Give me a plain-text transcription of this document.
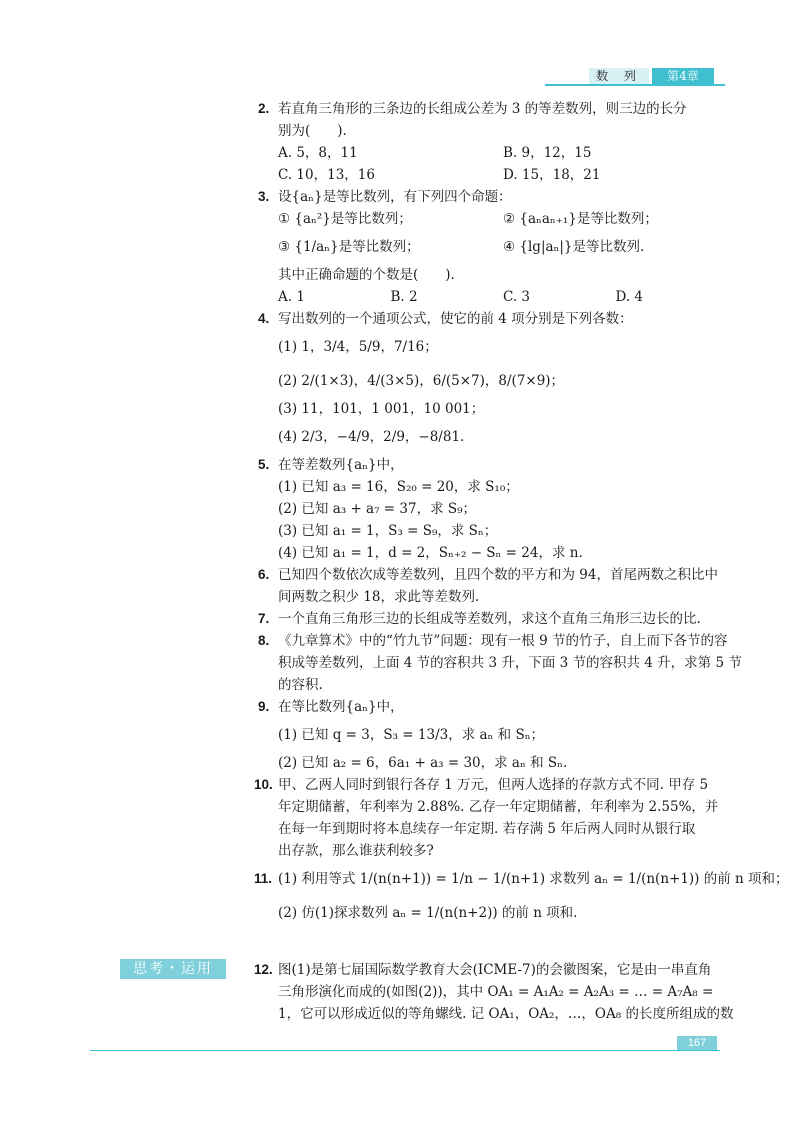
数 列	第4章
2. 若直角三角形的三条边的长组成公差为 3 的等差数列，则三边的长分
别为(　　).
A. 5，8，11	B. 9，12，15
C. 10，13，16	D. 15，18，21
3. 设{aₙ}是等比数列，有下列四个命题：
① {aₙ²}是等比数列；	② {aₙaₙ₊₁}是等比数列；
③ {1/aₙ}是等比数列；	④ {lg|aₙ|}是等比数列.
其中正确命题的个数是(　　).
A. 1	B. 2	C. 3	D. 4
4. 写出数列的一个通项公式，使它的前 4 项分别是下列各数：
(1) 1，3/4，5/9，7/16；
(2) 2/(1×3)，4/(3×5)，6/(5×7)，8/(7×9)；
(3) 11，101，1 001，10 001；
(4) 2/3，−4/9，2/9，−8/81.
5. 在等差数列{aₙ}中，
(1) 已知 a₃ = 16，S₂₀ = 20，求 S₁₀；
(2) 已知 a₃ + a₇ = 37，求 S₉；
(3) 已知 a₁ = 1，S₃ = S₉，求 Sₙ；
(4) 已知 a₁ = 1，d = 2，Sₙ₊₂ − Sₙ = 24，求 n.
6. 已知四个数依次成等差数列，且四个数的平方和为 94，首尾两数之积比中
间两数之积少 18，求此等差数列.
7. 一个直角三角形三边的长组成等差数列，求这个直角三角形三边长的比.
8. 《九章算术》中的“竹九节”问题：现有一根 9 节的竹子，自上而下各节的容
积成等差数列，上面 4 节的容积共 3 升，下面 3 节的容积共 4 升，求第 5 节
的容积.
9. 在等比数列{aₙ}中，
(1) 已知 q = 3，S₃ = 13/3，求 aₙ 和 Sₙ；
(2) 已知 a₂ = 6，6a₁ + a₃ = 30，求 aₙ 和 Sₙ.
10. 甲、乙两人同时到银行各存 1 万元，但两人选择的存款方式不同. 甲存 5
年定期储蓄，年利率为 2.88%. 乙存一年定期储蓄，年利率为 2.55%，并
在每一年到期时将本息续存一年定期. 若存满 5 年后两人同时从银行取
出存款，那么谁获利较多?
11. (1) 利用等式 1/(n(n+1)) = 1/n − 1/(n+1) 求数列 aₙ = 1/(n(n+1)) 的前 n 项和；
(2) 仿(1)探求数列 aₙ = 1/(n(n+2)) 的前 n 项和.
思考・运用	12. 图(1)是第七届国际数学教育大会(ICME-7)的会徽图案，它是由一串直角
三角形演化而成的(如图(2))，其中 OA₁ = A₁A₂ = A₂A₃ = … = A₇A₈ =
1，它可以形成近似的等角螺线. 记 OA₁，OA₂，…，OA₈ 的长度所组成的数
167
